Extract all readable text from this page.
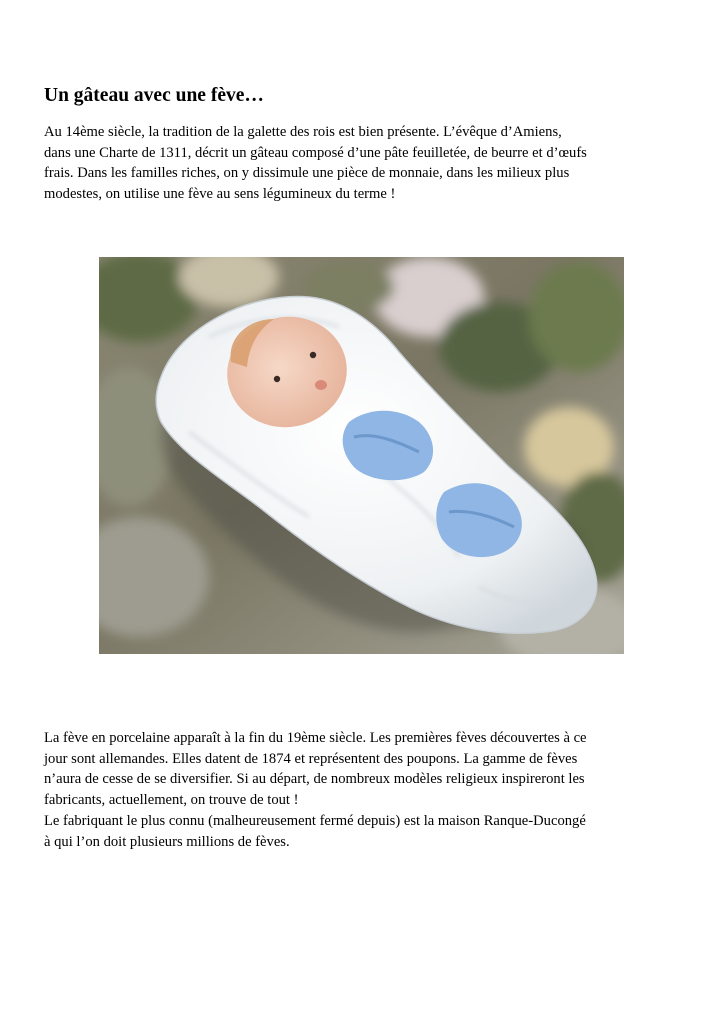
Un gâteau avec une fève…

Au 14ème siècle, la tradition de la galette des rois est bien présente. L’évêque d’Amiens,
dans une Charte de 1311, décrit un gâteau composé d’une pâte feuilletée, de beurre et d’œufs
frais. Dans les familles riches, on y dissimule une pièce de monnaie, dans les milieux plus
modestes, on utilise une fève au sens légumineux du terme !

La fève en porcelaine apparaît à la fin du 19ème siècle. Les premières fèves découvertes à ce
jour sont allemandes. Elles datent de 1874 et représentent des poupons. La gamme de fèves
n’aura de cesse de se diversifier. Si au départ, de nombreux modèles religieux inspireront les
fabricants, actuellement, on trouve de tout !
Le fabriquant le plus connu (malheureusement fermé depuis) est la maison Ranque-Ducongé
à qui l’on doit plusieurs millions de fèves.
